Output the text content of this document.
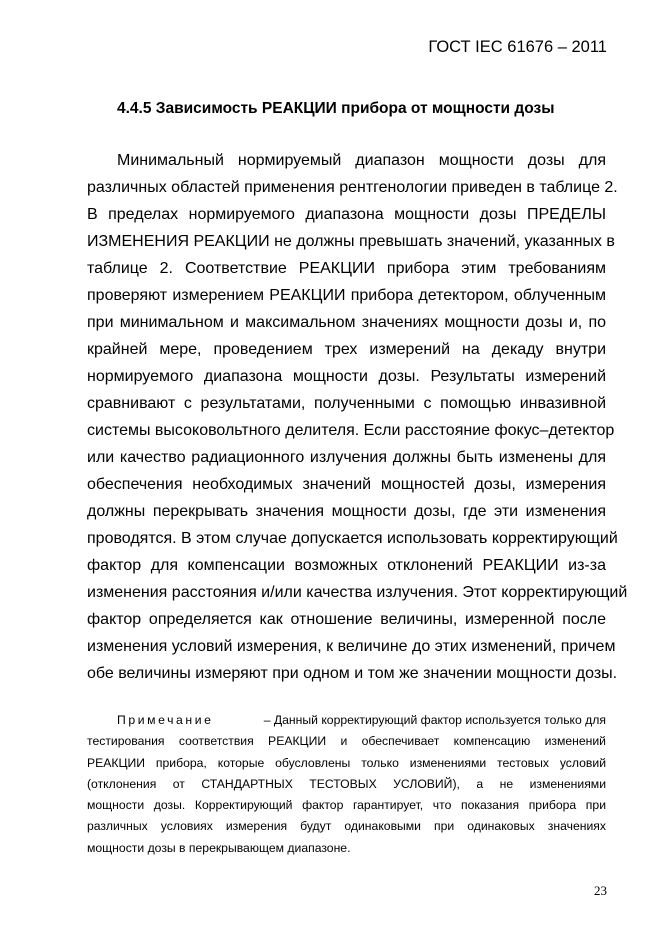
ГОСТ IEC 61676 – 2011
4.4.5 Зависимость РЕАКЦИИ прибора от мощности дозы
Минимальный нормируемый диапазон мощности дозы для
различных областей применения рентгенологии приведен в таблице 2.
В пределах нормируемого диапазона мощности дозы ПРЕДЕЛЫ
ИЗМЕНЕНИЯ РЕАКЦИИ не должны превышать значений, указанных в
таблице 2. Соответствие РЕАКЦИИ прибора этим требованиям
проверяют измерением РЕАКЦИИ прибора детектором, облученным
при минимальном и максимальном значениях мощности дозы и, по
крайней мере, проведением трех измерений на декаду внутри
нормируемого диапазона мощности дозы. Результаты измерений
сравнивают с результатами, полученными с помощью инвазивной
системы высоковольтного делителя. Если расстояние фокус–детектор
или качество радиационного излучения должны быть изменены для
обеспечения необходимых значений мощностей дозы, измерения
должны перекрывать значения мощности дозы, где эти изменения
проводятся. В этом случае допускается использовать корректирующий
фактор для компенсации возможных отклонений РЕАКЦИИ из-за
изменения расстояния и/или качества излучения. Этот корректирующий
фактор определяется как отношение величины, измеренной после
изменения условий измерения, к величине до этих изменений, причем
обе величины измеряют при одном и том же значении мощности дозы.
Примечание	– Данный корректирующий фактор используется только для
тестирования соответствия РЕАКЦИИ и обеспечивает компенсацию изменений
РЕАКЦИИ прибора, которые обусловлены только изменениями тестовых условий
(отклонения от СТАНДАРТНЫХ ТЕСТОВЫХ УСЛОВИЙ), а не изменениями
мощности дозы. Корректирующий фактор гарантирует, что показания прибора при
различных условиях измерения будут одинаковыми при одинаковых значениях
мощности дозы в перекрывающем диапазоне.
23
